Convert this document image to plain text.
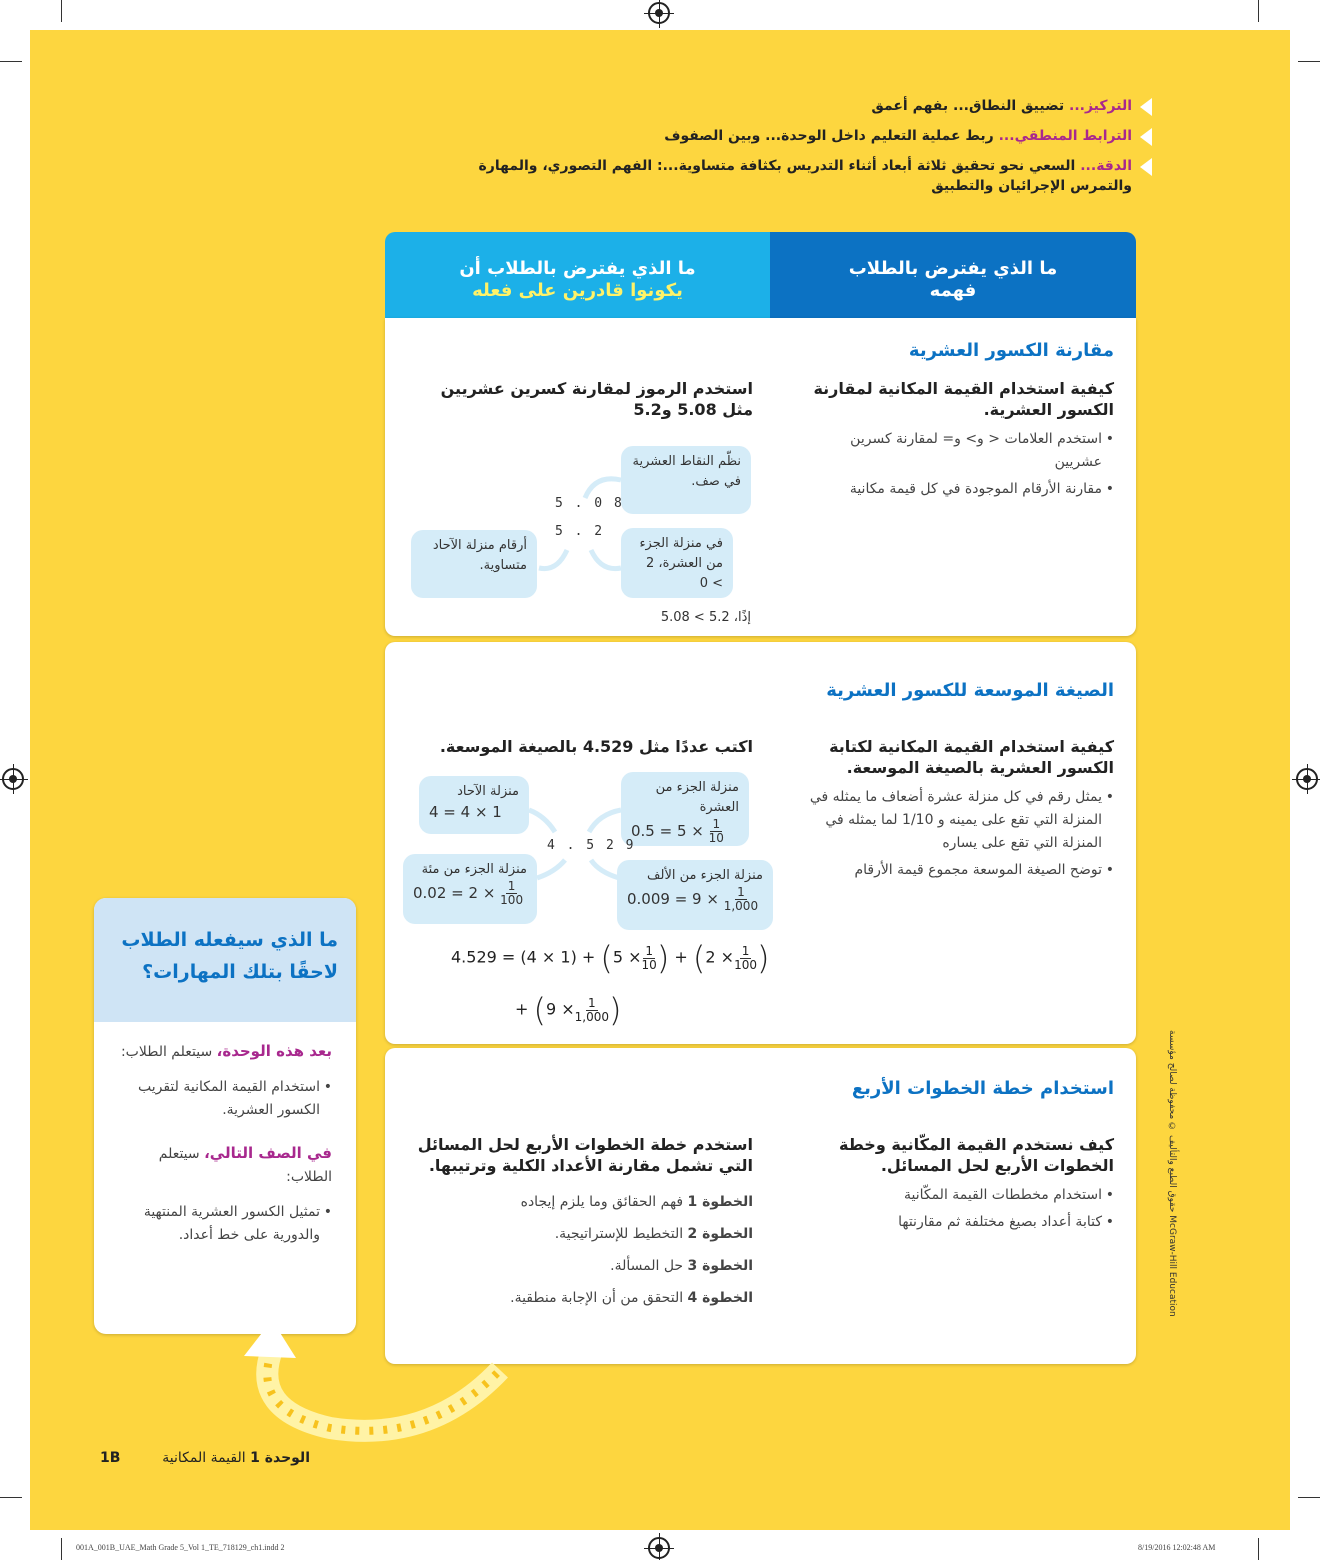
التركيز... تضييق النطاق... بفهم أعمق
الترابط المنطقي... ربط عملية التعليم داخل الوحدة... وبين الصفوف
الدقة... السعي نحو تحقيق ثلاثة أبعاد أثناء التدريس بكثافة متساوية...: الفهم التصوري، والمهارة والتمرس الإجرائيان والتطبيق
ما الذي يفترض بالطلاب
فهمه
ما الذي يفترض بالطلاب أن
يكونوا قادرين على فعله
مقارنة الكسور العشرية
كيفية استخدام القيمة المكانية لمقارنة الكسور العشرية.
• استخدم العلامات < و> و= لمقارنة كسرين عشريين
• مقارنة الأرقام الموجودة في كل قيمة مكانية
استخدم الرموز لمقارنة كسرين عشريين مثل 5.08 و5.2
نظّم النقاط العشرية في صف.
في منزلة الجزء من العشرة، 2 > 0
أرقام منزلة الآحاد متساوية.
5 . 0 8
5 . 2
إذًا، 5.2 > 5.08
الصيغة الموسعة للكسور العشرية
كيفية استخدام القيمة المكانية لكتابة الكسور العشرية بالصيغة الموسعة.
• يمثل رقم في كل منزلة عشرة أضعاف ما يمثله في المنزلة التي تقع على يمينه و 1/10 لما يمثله في المنزلة التي تقع على يساره
• توضح الصيغة الموسعة مجموع قيمة الأرقام
اكتب عددًا مثل 4.529 بالصيغة الموسعة.
منزلة الجزء من العشرة
$0.5 = 5 \times \frac{1}{10}$
منزلة الآحاد
4 = 4 × 1
منزلة الجزء من مئة
$0.02 = 2 \times \frac{1}{100}$
منزلة الجزء من الألف
$0.009 = 9 \times \frac{1}{1,000}$
4 . 5 2 9
$4.529 = (4 \times 1) + (5 \times \frac{1}{10}$ ) + ($2 \times \frac{1}{100}$ )
+ ($9 \times \frac{1}{1,000}$ )
استخدام خطة الخطوات الأربع
كيف نستخدم القيمة المكّانية وخطة الخطوات الأربع لحل المسائل.
• استخدام مخططات القيمة المكّانية
• كتابة أعداد بصيغ مختلفة ثم مقارنتها
استخدم خطة الخطوات الأربع لحل المسائل التي تشمل مقارنة الأعداد الكلية وترتيبها.
الخطوة 1 فهم الحقائق وما يلزم إيجاده
الخطوة 2 التخطيط للإستراتيجية.
الخطوة 3 حل المسألة.
الخطوة 4 التحقق من أن الإجابة منطقية.
ما الذي سيفعله الطلاب
لاحقًا بتلك المهارات؟
بعد هذه الوحدة، سيتعلم الطلاب:
• استخدام القيمة المكانية لتقريب الكسور العشرية.
في الصف التالي، سيتعلم الطلاب:
• تمثيل الكسور العشرية المنتهية والدورية على خط أعداد.
1B	الوحدة 1 القيمة المكانية
حقوق الطبع والتأليف © محفوظة لصالح مؤسسة McGraw-Hill Education
001A_001B_UAE_Math Grade 5_Vol 1_TE_718129_ch1.indd 2	8/19/2016 12:02:48 AM
